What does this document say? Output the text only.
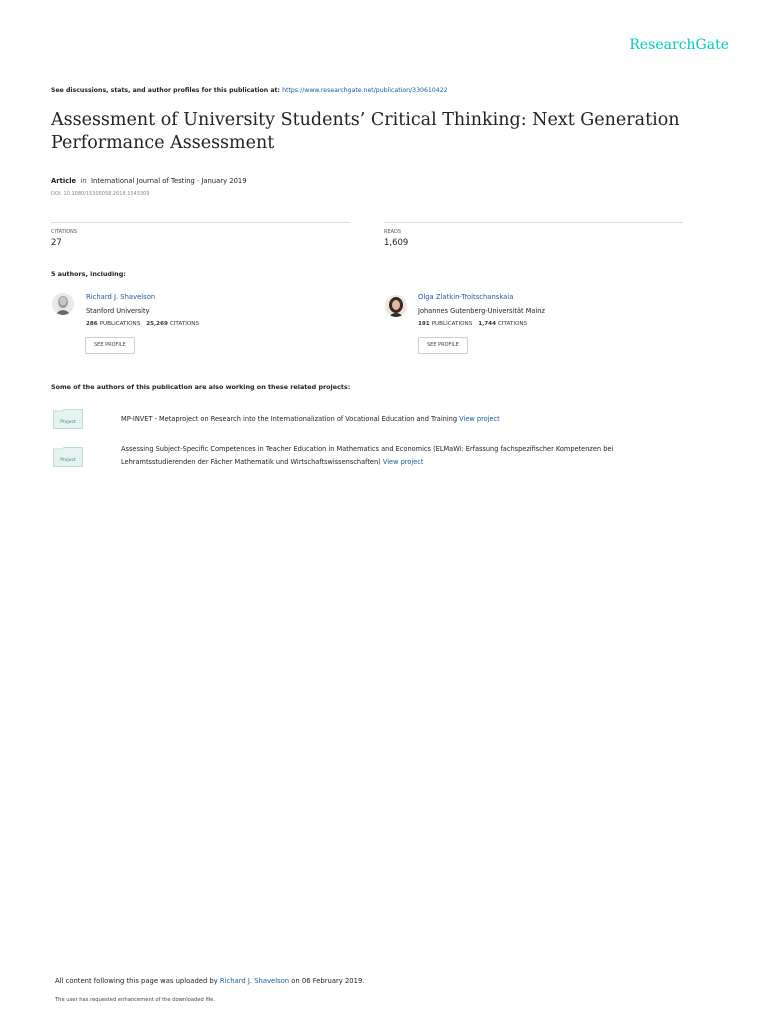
ResearchGate
See discussions, stats, and author profiles for this publication at: https://www.researchgate.net/publication/330610422
Assessment of University Students’ Critical Thinking: Next Generation Performance Assessment
Article in International Journal of Testing · January 2019
DOI: 10.1080/15305058.2018.1543309
CITATIONS
27
READS
1,609
5 authors, including:
Richard J. Shavelson
Stanford University
286 PUBLICATIONS 25,269 CITATIONS
SEE PROFILE
Olga Zlatkin-Troitschanskaia
Johannes Gutenberg-Universität Mainz
191 PUBLICATIONS 1,744 CITATIONS
SEE PROFILE
Some of the authors of this publication are also working on these related projects:
Project	MP-INVET - Metaproject on Research into the Internationalization of Vocational Education and Training View project
Project
Assessing Subject-Specific Competences in Teacher Education in Mathematics and Economics (ELMaWi: Erfassung fachspezifischer Kompetenzen bei Lehramtsstudierenden der Fächer Mathematik und Wirtschaftswissenschaften) View project
All content following this page was uploaded by Richard J. Shavelson on 06 February 2019.
The user has requested enhancement of the downloaded file.
